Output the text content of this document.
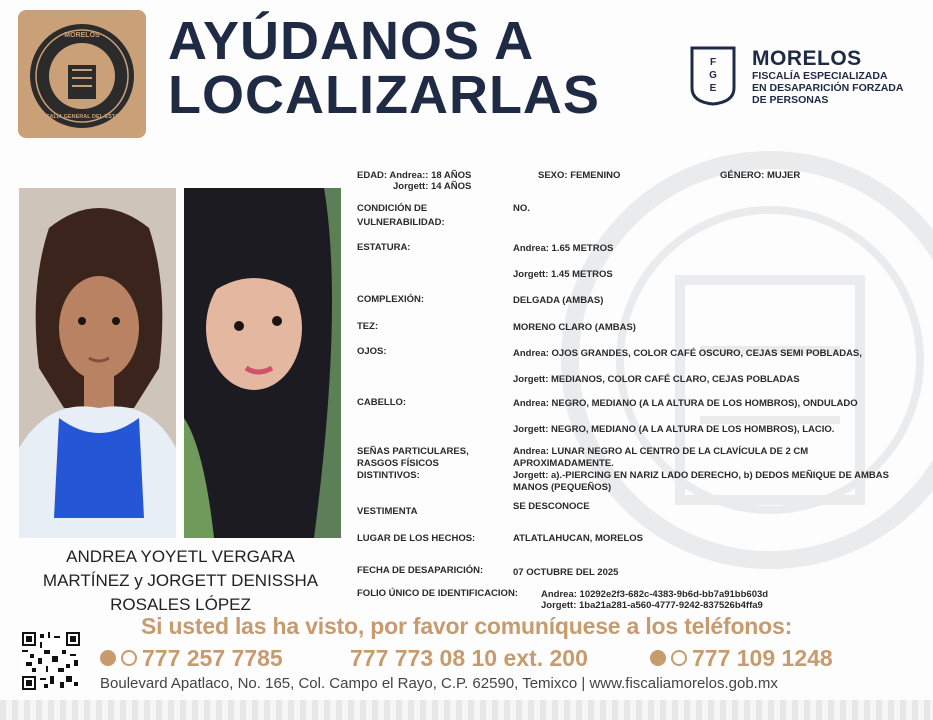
MORELOS
FGE
FISCALÍA GENERAL DEL ESTADO
AYÚDANOS A
LOCALIZARLAS
F
G
E
MORELOS
FISCALÍA ESPECIALIZADA
EN DESAPARICIÓN FORZADA
DE PERSONAS
ANDREA YOYETL VERGARA
MARTÍNEZ y JORGETT DENISSHA
ROSALES LÓPEZ
EDAD: Andrea:: 18 AÑOS
Jorgett: 14 AÑOS
SEXO: FEMENINO	GÉNERO: MUJER
CONDICIÓN DE
VULNERABILIDAD:
NO.
ESTATURA:	Andrea: 1.65 METROS
Jorgett: 1.45 METROS
COMPLEXIÓN:	DELGADA (AMBAS)
TEZ:	MORENO CLARO (AMBAS)
OJOS:	Andrea: OJOS GRANDES, COLOR CAFÉ OSCURO, CEJAS SEMI POBLADAS,
Jorgett: MEDIANOS, COLOR CAFÉ CLARO, CEJAS POBLADAS
CABELLO:	Andrea: NEGRO, MEDIANO (A LA ALTURA DE LOS HOMBROS), ONDULADO
Jorgett: NEGRO, MEDIANO (A LA ALTURA DE LOS HOMBROS), LACIO.
SEÑAS PARTICULARES,
RASGOS FÍSICOS
DISTINTIVOS:
Andrea: LUNAR NEGRO AL CENTRO DE LA CLAVÍCULA DE 2 CM
APROXIMADAMENTE.
Jorgett: a).-PIERCING EN NARIZ LADO DERECHO, b) DEDOS MEÑIQUE DE AMBAS
MANOS (PEQUEÑOS)
VESTIMENTA	SE DESCONOCE
LUGAR DE LOS HECHOS:	ATLATLAHUCAN, MORELOS
FECHA DE DESAPARICIÓN:	07 OCTUBRE DEL 2025
FOLIO ÚNICO DE IDENTIFICACION: Andrea: 10292e2f3-682c-4383-9b6d-bb7a91bb603d
Jorgett: 1ba21a281-a560-4777-9242-837526b4ffa9
Si usted las ha visto, por favor comuníquese a los teléfonos:
777 257 7785	777 773 08 10 ext. 200	777 109 1248
Boulevard Apatlaco, No. 165, Col. Campo el Rayo, C.P. 62590, Temixco | www.fiscaliamorelos.gob.mx
